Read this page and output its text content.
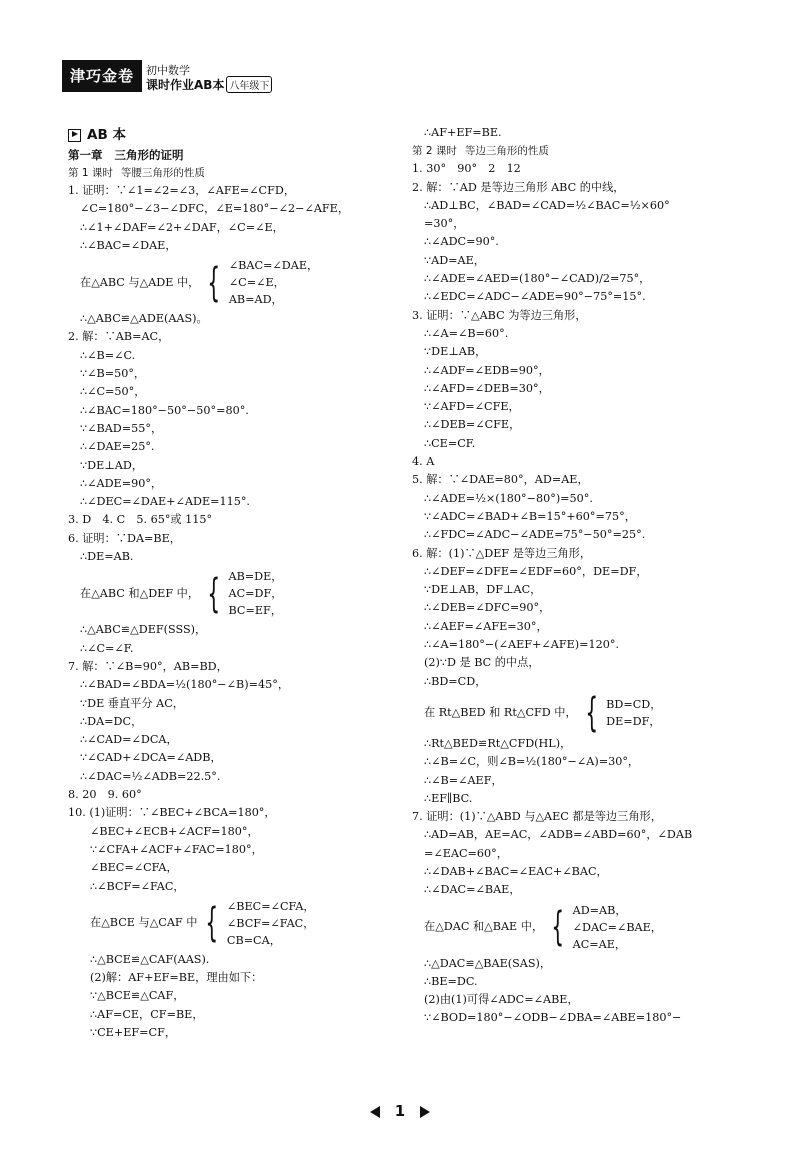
津巧金卷	初中数学
课时作业AB本 八年级下
AB 本
第一章 三角形的证明
第 1 课时 等腰三角形的性质
1. 证明：∵∠1=∠2=∠3，∠AFE=∠CFD，
∠C=180°−∠3−∠DFC，∠E=180°−∠2−∠AFE，
∴∠1+∠DAF=∠2+∠DAF，∠C=∠E，
∴∠BAC=∠DAE，
在△ABC 与△ADE 中， { ∠BAC=∠DAE，
∠C=∠E，
AB=AD，
∴△ABC≌△ADE(AAS)。
2. 解：∵AB=AC，
∴∠B=∠C.
∵∠B=50°，
∴∠C=50°，
∴∠BAC=180°−50°−50°=80°.
∵∠BAD=55°，
∴∠DAE=25°.
∵DE⊥AD，
∴∠ADE=90°，
∴∠DEC=∠DAE+∠ADE=115°.
3. D　4. C　5. 65°或 115°
6. 证明：∵DA=BE，
∴DE=AB.
在△ABC 和△DEF 中， { AB=DE，
AC=DF，
BC=EF，
∴△ABC≌△DEF(SSS)，
∴∠C=∠F.
7. 解：∵∠B=90°，AB=BD，
∴∠BAD=∠BDA=½(180°−∠B)=45°，
∵DE 垂直平分 AC，
∴DA=DC，
∴∠CAD=∠DCA，
∵∠CAD+∠DCA=∠ADB，
∴∠DAC=½∠ADB=22.5°.
8. 20　9. 60°
10. (1)证明：∵∠BEC+∠BCA=180°，
∠BEC+∠ECB+∠ACF=180°，
∵∠CFA+∠ACF+∠FAC=180°，
∠BEC=∠CFA，
∴∠BCF=∠FAC，
在△BCE 与△CAF 中 { ∠BEC=∠CFA，
∠BCF=∠FAC，
CB=CA，
∴△BCE≌△CAF(AAS).
(2)解：AF+EF=BE，理由如下：
∵△BCE≌△CAF，
∴AF=CE，CF=BE，
∵CE+EF=CF，
∴AF+EF=BE.
第 2 课时 等边三角形的性质
1. 30°　90°　2　12
2. 解：∵AD 是等边三角形 ABC 的中线，
∴AD⊥BC，∠BAD=∠CAD=½∠BAC=½×60°
=30°，
∴∠ADC=90°.
∵AD=AE，
∴∠ADE=∠AED=(180°−∠CAD)/2=75°，
∴∠EDC=∠ADC−∠ADE=90°−75°=15°.
3. 证明：∵△ABC 为等边三角形，
∴∠A=∠B=60°.
∵DE⊥AB，
∴∠ADF=∠EDB=90°，
∴∠AFD=∠DEB=30°，
∵∠AFD=∠CFE，
∴∠DEB=∠CFE，
∴CE=CF.
4. A
5. 解：∵∠DAE=80°，AD=AE，
∴∠ADE=½×(180°−80°)=50°.
∵∠ADC=∠BAD+∠B=15°+60°=75°，
∴∠FDC=∠ADC−∠ADE=75°−50°=25°.
6. 解：(1)∵△DEF 是等边三角形，
∴∠DEF=∠DFE=∠EDF=60°，DE=DF，
∵DE⊥AB，DF⊥AC，
∴∠DEB=∠DFC=90°，
∴∠AEF=∠AFE=30°，
∴∠A=180°−(∠AEF+∠AFE)=120°.
(2)∵D 是 BC 的中点，
∴BD=CD，
在 Rt△BED 和 Rt△CFD 中， { BD=CD，
DE=DF，
∴Rt△BED≌Rt△CFD(HL)，
∴∠B=∠C，则∠B=½(180°−∠A)=30°，
∴∠B=∠AEF，
∴EF∥BC.
7. 证明：(1)∵△ABD 与△AEC 都是等边三角形，
∴AD=AB，AE=AC，∠ADB=∠ABD=60°，∠DAB
=∠EAC=60°，
∴∠DAB+∠BAC=∠EAC+∠BAC，
∴∠DAC=∠BAE，
在△DAC 和△BAE 中， { AD=AB，
∠DAC=∠BAE，
AC=AE，
∴△DAC≌△BAE(SAS)，
∴BE=DC.
(2)由(1)可得∠ADC=∠ABE，
∵∠BOD=180°−∠ODB−∠DBA=∠ABE=180°−
1
